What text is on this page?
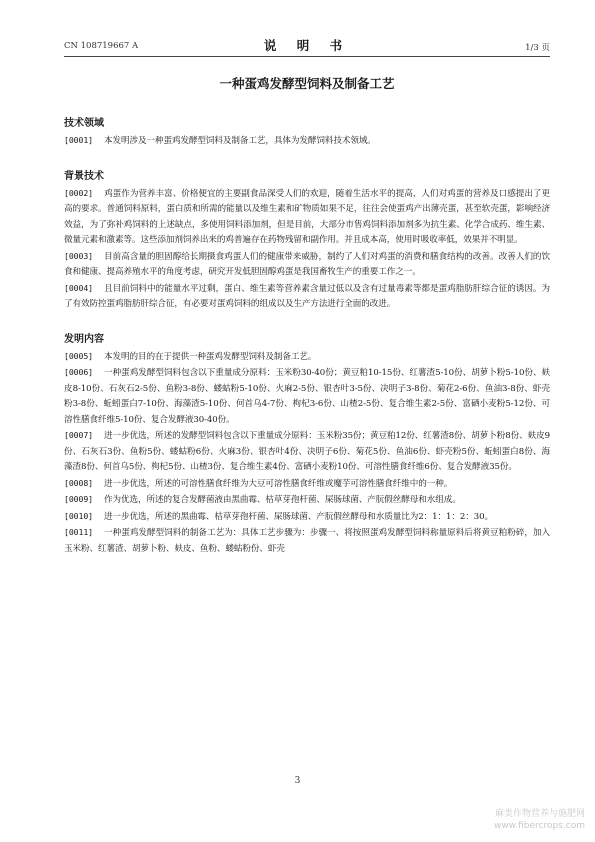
CN 108719667 A	说 明 书	1/3 页
一种蛋鸡发酵型饲料及制备工艺
技术领域

[0001] 本发明涉及一种蛋鸡发酵型饲料及制备工艺，具体为发酵饲料技术领域。

背景技术

[0002] 鸡蛋作为营养丰富、价格便宜的主要副食品深受人们的欢迎，随着生活水平的提高，人们对鸡蛋的营养及口感提出了更高的要求。普通饲料原料，蛋白质和所需的能量以及维生素和矿物质如果不足，往往会使蛋鸡产出薄壳蛋，甚至软壳蛋，影响经济效益，为了弥补鸡饲料的上述缺点，多使用饲料添加剂，但是目前，大部分市售鸡饲料添加剂多为抗生素、化学合成药、维生素、微量元素和激素等。这些添加剂饲养出来的鸡普遍存在药物残留和副作用。并且成本高，使用时吸收率低，效果并不明显。

[0003] 目前高含量的胆固醇给长期摄食鸡蛋人们的健康带来威胁，制约了人们对鸡蛋的消费和膳食结构的改善。改善人们的饮食和健康、提高养殖水平的角度考虑，研究开发低胆固醇鸡蛋是我国畜牧生产的重要工作之一。

[0004] 且目前饲料中的能量水平过剩，蛋白、维生素等营养素含量过低以及含有过量毒素等都是蛋鸡脂肪肝综合征的诱因。为了有效防控蛋鸡脂肪肝综合征，有必要对蛋鸡饲料的组成以及生产方法进行全面的改进。

发明内容

[0005] 本发明的目的在于提供一种蛋鸡发酵型饲料及制备工艺。

[0006] 一种蛋鸡发酵型饲料包含以下重量成分原料：玉米粉30-40份；黄豆粕10-15份、红薯渣5-10份、胡萝卜粉5-10份、麸皮8-10份、石灰石2-5份、鱼粉3-8份、蝼蛄粉5-10份、火麻2-5份、银杏叶3-5份、决明子3-8份、菊花2-6份、鱼油3-8份、虾壳粉3-8份、蚯蚓蛋白7-10份、海藻渣5-10份、何首乌4-7份、枸杞3-6份、山楂2-5份、复合维生素2-5份、富硒小麦粉5-12份、可溶性膳食纤维5-10份、复合发酵液30-40份。

[0007] 进一步优选，所述的发酵型饲料包含以下重量成分原料：玉米粉35份；黄豆粕12份、红薯渣8份、胡萝卜粉8份、麸皮9份、石灰石3份、鱼粉5份、蝼蛄粉6份、火麻3份、银杏叶4份、决明子6份、菊花5份、鱼油6份、虾壳粉5份、蚯蚓蛋白8份、海藻渣8份、何首乌5份、枸杞5份、山楂3份、复合维生素4份、富硒小麦粉10份、可溶性膳食纤维6份、复合发酵液35份。

[0008] 进一步优选，所述的可溶性膳食纤维为大豆可溶性膳食纤维或魔芋可溶性膳食纤维中的一种。

[0009] 作为优选，所述的复合发酵菌液由黑曲霉、枯草芽孢杆菌、屎肠球菌、产朊假丝酵母和水组成。

[0010] 进一步优选，所述的黑曲霉、枯草芽孢杆菌、屎肠球菌、产朊假丝酵母和水质量比为2：1：1：2：30。

[0011] 一种蛋鸡发酵型饲料的制备工艺为：具体工艺步骤为：步骤一、将按照蛋鸡发酵型饲料称量原料后将黄豆粕粉碎，加入玉米粉、红薯渣、胡萝卜粉、麸皮、鱼粉、蝼蛄粉份、虾壳

3
麻类作物营养与施肥网
www.fibercrops.com
